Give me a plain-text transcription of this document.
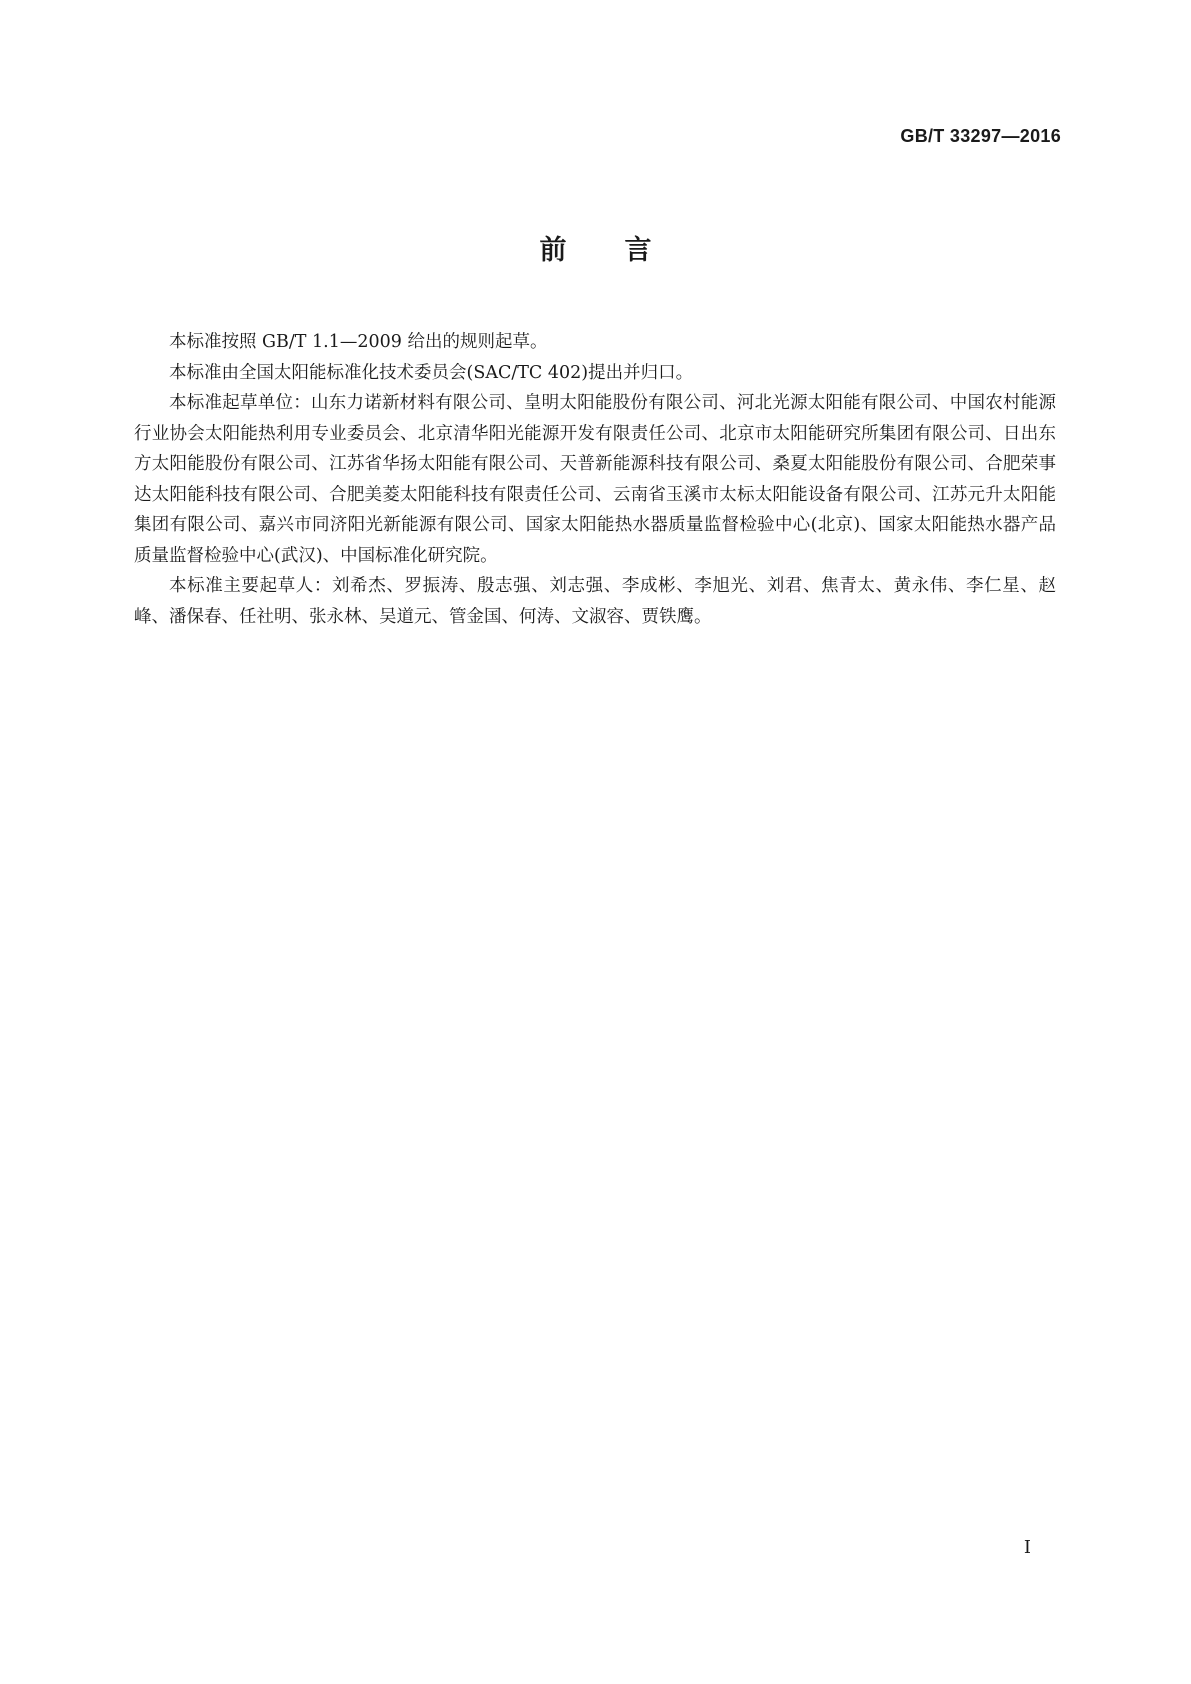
GB/T 33297—2016
前言

本标准按照 GB/T 1.1—2009 给出的规则起草。

本标准由全国太阳能标准化技术委员会(SAC/TC 402)提出并归口。

本标准起草单位：山东力诺新材料有限公司、皇明太阳能股份有限公司、河北光源太阳能有限公司、中国农村能源行业协会太阳能热利用专业委员会、北京清华阳光能源开发有限责任公司、北京市太阳能研究所集团有限公司、日出东方太阳能股份有限公司、江苏省华扬太阳能有限公司、天普新能源科技有限公司、桑夏太阳能股份有限公司、合肥荣事达太阳能科技有限公司、合肥美菱太阳能科技有限责任公司、云南省玉溪市太标太阳能设备有限公司、江苏元升太阳能集团有限公司、嘉兴市同济阳光新能源有限公司、国家太阳能热水器质量监督检验中心(北京)、国家太阳能热水器产品质量监督检验中心(武汉)、中国标准化研究院。

本标准主要起草人：刘希杰、罗振涛、殷志强、刘志强、李成彬、李旭光、刘君、焦青太、黄永伟、李仁星、赵峰、潘保春、任社明、张永林、吴道元、管金国、何涛、文淑容、贾铁鹰。

I
